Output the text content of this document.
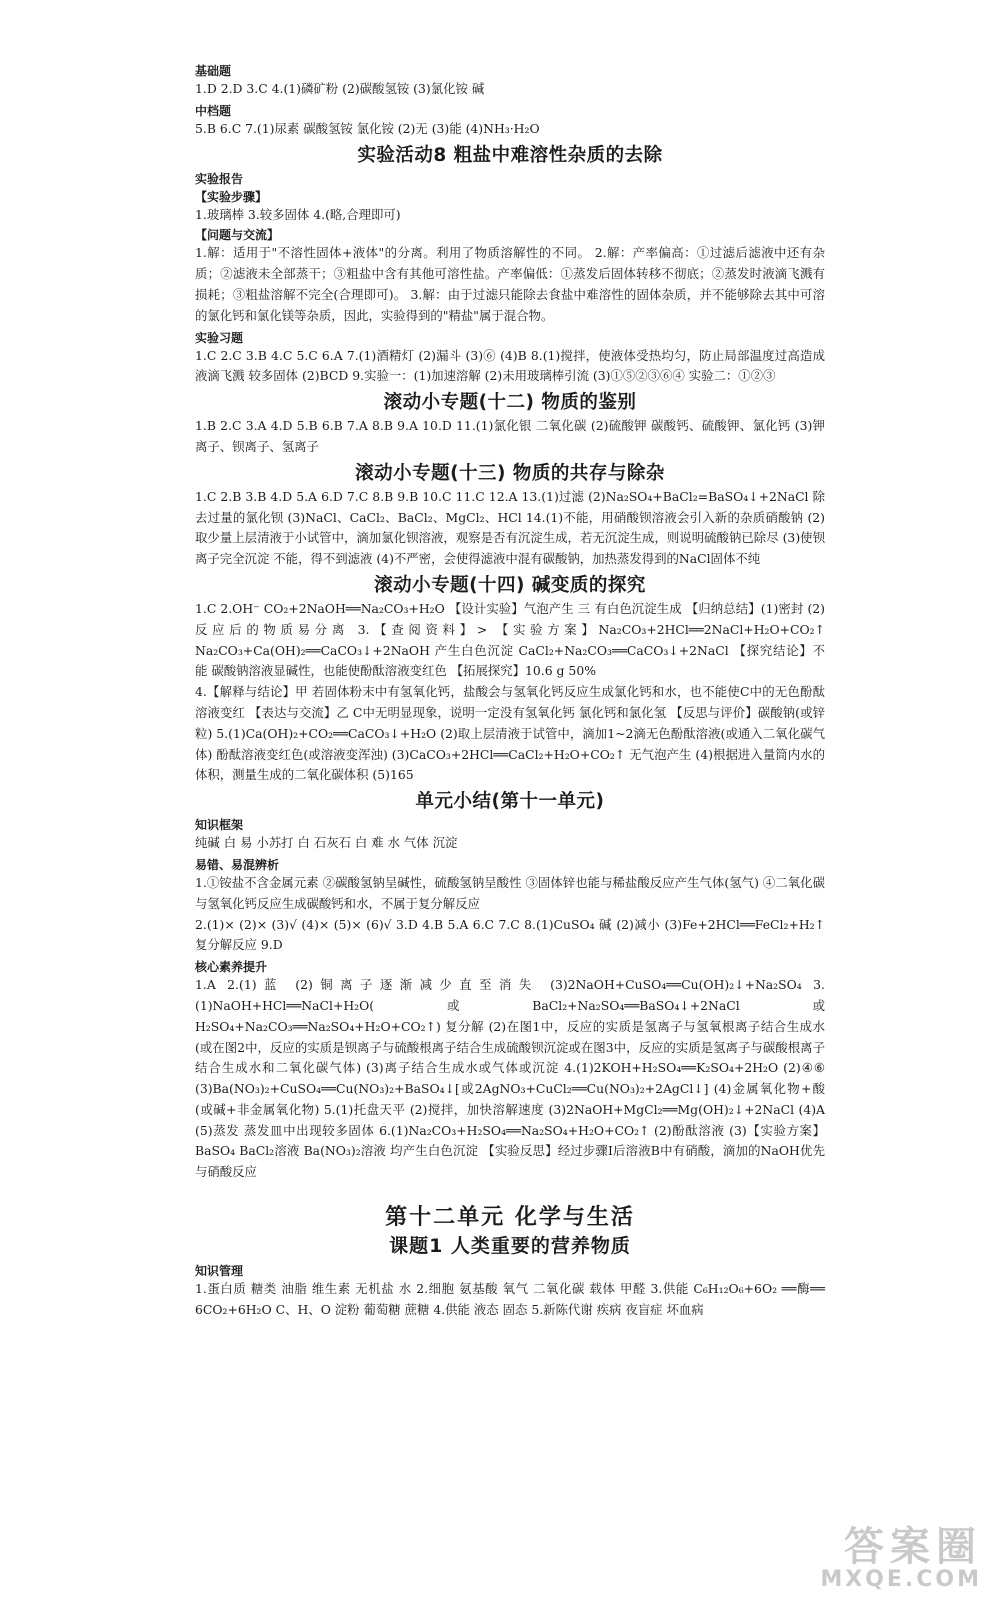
基础题
1.D 2.D 3.C 4.(1)磷矿粉 (2)碳酸氢铵 (3)氯化铵 碱
中档题
5.B 6.C 7.(1)尿素 碳酸氢铵 氯化铵 (2)无 (3)能 (4)NH₃·H₂O
实验活动8 粗盐中难溶性杂质的去除
实验报告
【实验步骤】
1.玻璃棒 3.较多固体 4.(略,合理即可)
【问题与交流】
1.解：适用于"不溶性固体+液体"的分离。利用了物质溶解性的不同。 2.解：产率偏高：①过滤后滤液中还有杂质；②滤液未全部蒸干；③粗盐中含有其他可溶性盐。产率偏低：①蒸发后固体转移不彻底；②蒸发时液滴飞溅有损耗；③粗盐溶解不完全(合理即可)。 3.解：由于过滤只能除去食盐中难溶性的固体杂质，并不能够除去其中可溶的氯化钙和氯化镁等杂质，因此，实验得到的"精盐"属于混合物。
实验习题
1.C 2.C 3.B 4.C 5.C 6.A 7.(1)酒精灯 (2)漏斗 (3)⑥ (4)B 8.(1)搅拌，使液体受热均匀，防止局部温度过高造成液滴飞溅 较多固体 (2)BCD 9.实验一：(1)加速溶解 (2)未用玻璃棒引流 (3)①⑤②③⑥④ 实验二：①②③
滚动小专题(十二) 物质的鉴别
1.B 2.C 3.A 4.D 5.B 6.B 7.A 8.B 9.A 10.D 11.(1)氯化银 二氧化碳 (2)硫酸钾 碳酸钙、硫酸钾、氯化钙 (3)钾离子、钡离子、氢离子
滚动小专题(十三) 物质的共存与除杂
1.C 2.B 3.B 4.D 5.A 6.D 7.C 8.B 9.B 10.C 11.C 12.A 13.(1)过滤 (2)Na₂SO₄+BaCl₂=BaSO₄↓+2NaCl 除去过量的氯化钡 (3)NaCl、CaCl₂、BaCl₂、MgCl₂、HCl 14.(1)不能，用硝酸钡溶液会引入新的杂质硝酸钠 (2)取少量上层清液于小试管中，滴加氯化钡溶液，观察是否有沉淀生成，若无沉淀生成，则说明硫酸钠已除尽 (3)使钡离子完全沉淀 不能，得不到滤液 (4)不严密，会使得滤液中混有碳酸钠，加热蒸发得到的NaCl固体不纯
滚动小专题(十四) 碱变质的探究
1.C 2.OH⁻ CO₂+2NaOH══Na₂CO₃+H₂O 【设计实验】气泡产生 三 有白色沉淀生成 【归纳总结】(1)密封 (2)反应后的物质易分离 3.【查阅资料】> 【实验方案】Na₂CO₃+2HCl══2NaCl+H₂O+CO₂↑ Na₂CO₃+Ca(OH)₂══CaCO₃↓+2NaOH 产生白色沉淀 CaCl₂+Na₂CO₃══CaCO₃↓+2NaCl 【探究结论】不能 碳酸钠溶液显碱性，也能使酚酞溶液变红色 【拓展探究】10.6 g 50%
4.【解释与结论】甲 若固体粉末中有氢氧化钙，盐酸会与氢氧化钙反应生成氯化钙和水，也不能使C中的无色酚酞溶液变红 【表达与交流】乙 C中无明显现象，说明一定没有氢氧化钙 氯化钙和氯化氢 【反思与评价】碳酸钠(或锌粒) 5.(1)Ca(OH)₂+CO₂══CaCO₃↓+H₂O (2)取上层清液于试管中，滴加1~2滴无色酚酞溶液(或通入二氧化碳气体) 酚酞溶液变红色(或溶液变浑浊) (3)CaCO₃+2HCl══CaCl₂+H₂O+CO₂↑ 无气泡产生 (4)根据进入量筒内水的体积，测量生成的二氧化碳体积 (5)165
单元小结(第十一单元)
知识框架
纯碱 白 易 小苏打 白 石灰石 白 难 水 气体 沉淀
易错、易混辨析
1.①铵盐不含金属元素 ②碳酸氢钠呈碱性，硫酸氢钠呈酸性 ③固体锌也能与稀盐酸反应产生气体(氢气) ④二氧化碳与氢氧化钙反应生成碳酸钙和水，不属于复分解反应
2.(1)× (2)× (3)√ (4)× (5)× (6)√ 3.D 4.B 5.A 6.C 7.C 8.(1)CuSO₄ 碱 (2)减小 (3)Fe+2HCl══FeCl₂+H₂↑ 复分解反应 9.D
核心素养提升
1.A 2.(1)蓝 (2)铜离子逐渐减少直至消失 (3)2NaOH+CuSO₄══Cu(OH)₂↓+Na₂SO₄ 3.(1)NaOH+HCl══NaCl+H₂O(或BaCl₂+Na₂SO₄══BaSO₄↓+2NaCl或H₂SO₄+Na₂CO₃══Na₂SO₄+H₂O+CO₂↑) 复分解 (2)在图1中，反应的实质是氢离子与氢氧根离子结合生成水(或在图2中，反应的实质是钡离子与硫酸根离子结合生成硫酸钡沉淀或在图3中，反应的实质是氢离子与碳酸根离子结合生成水和二氧化碳气体) (3)离子结合生成水或气体或沉淀 4.(1)2KOH+H₂SO₄══K₂SO₄+2H₂O (2)④⑥ (3)Ba(NO₃)₂+CuSO₄══Cu(NO₃)₂+BaSO₄↓[或2AgNO₃+CuCl₂══Cu(NO₃)₂+2AgCl↓] (4)金属氧化物+酸(或碱+非金属氧化物) 5.(1)托盘天平 (2)搅拌，加快溶解速度 (3)2NaOH+MgCl₂══Mg(OH)₂↓+2NaCl (4)A (5)蒸发 蒸发皿中出现较多固体 6.(1)Na₂CO₃+H₂SO₄══Na₂SO₄+H₂O+CO₂↑ (2)酚酞溶液 (3)【实验方案】BaSO₄ BaCl₂溶液 Ba(NO₃)₂溶液 均产生白色沉淀 【实验反思】经过步骤Ⅰ后溶液B中有硝酸，滴加的NaOH优先与硝酸反应
第十二单元 化学与生活
课题1 人类重要的营养物质
知识管理
1.蛋白质 糖类 油脂 维生素 无机盐 水 2.细胞 氨基酸 氧气 二氧化碳 载体 甲醛 3.供能 C₆H₁₂O₆+6O₂ ══酶══ 6CO₂+6H₂O C、H、O 淀粉 葡萄糖 蔗糖 4.供能 液态 固态 5.新陈代谢 疾病 夜盲症 坏血病
答案圈
MXQE.COM
